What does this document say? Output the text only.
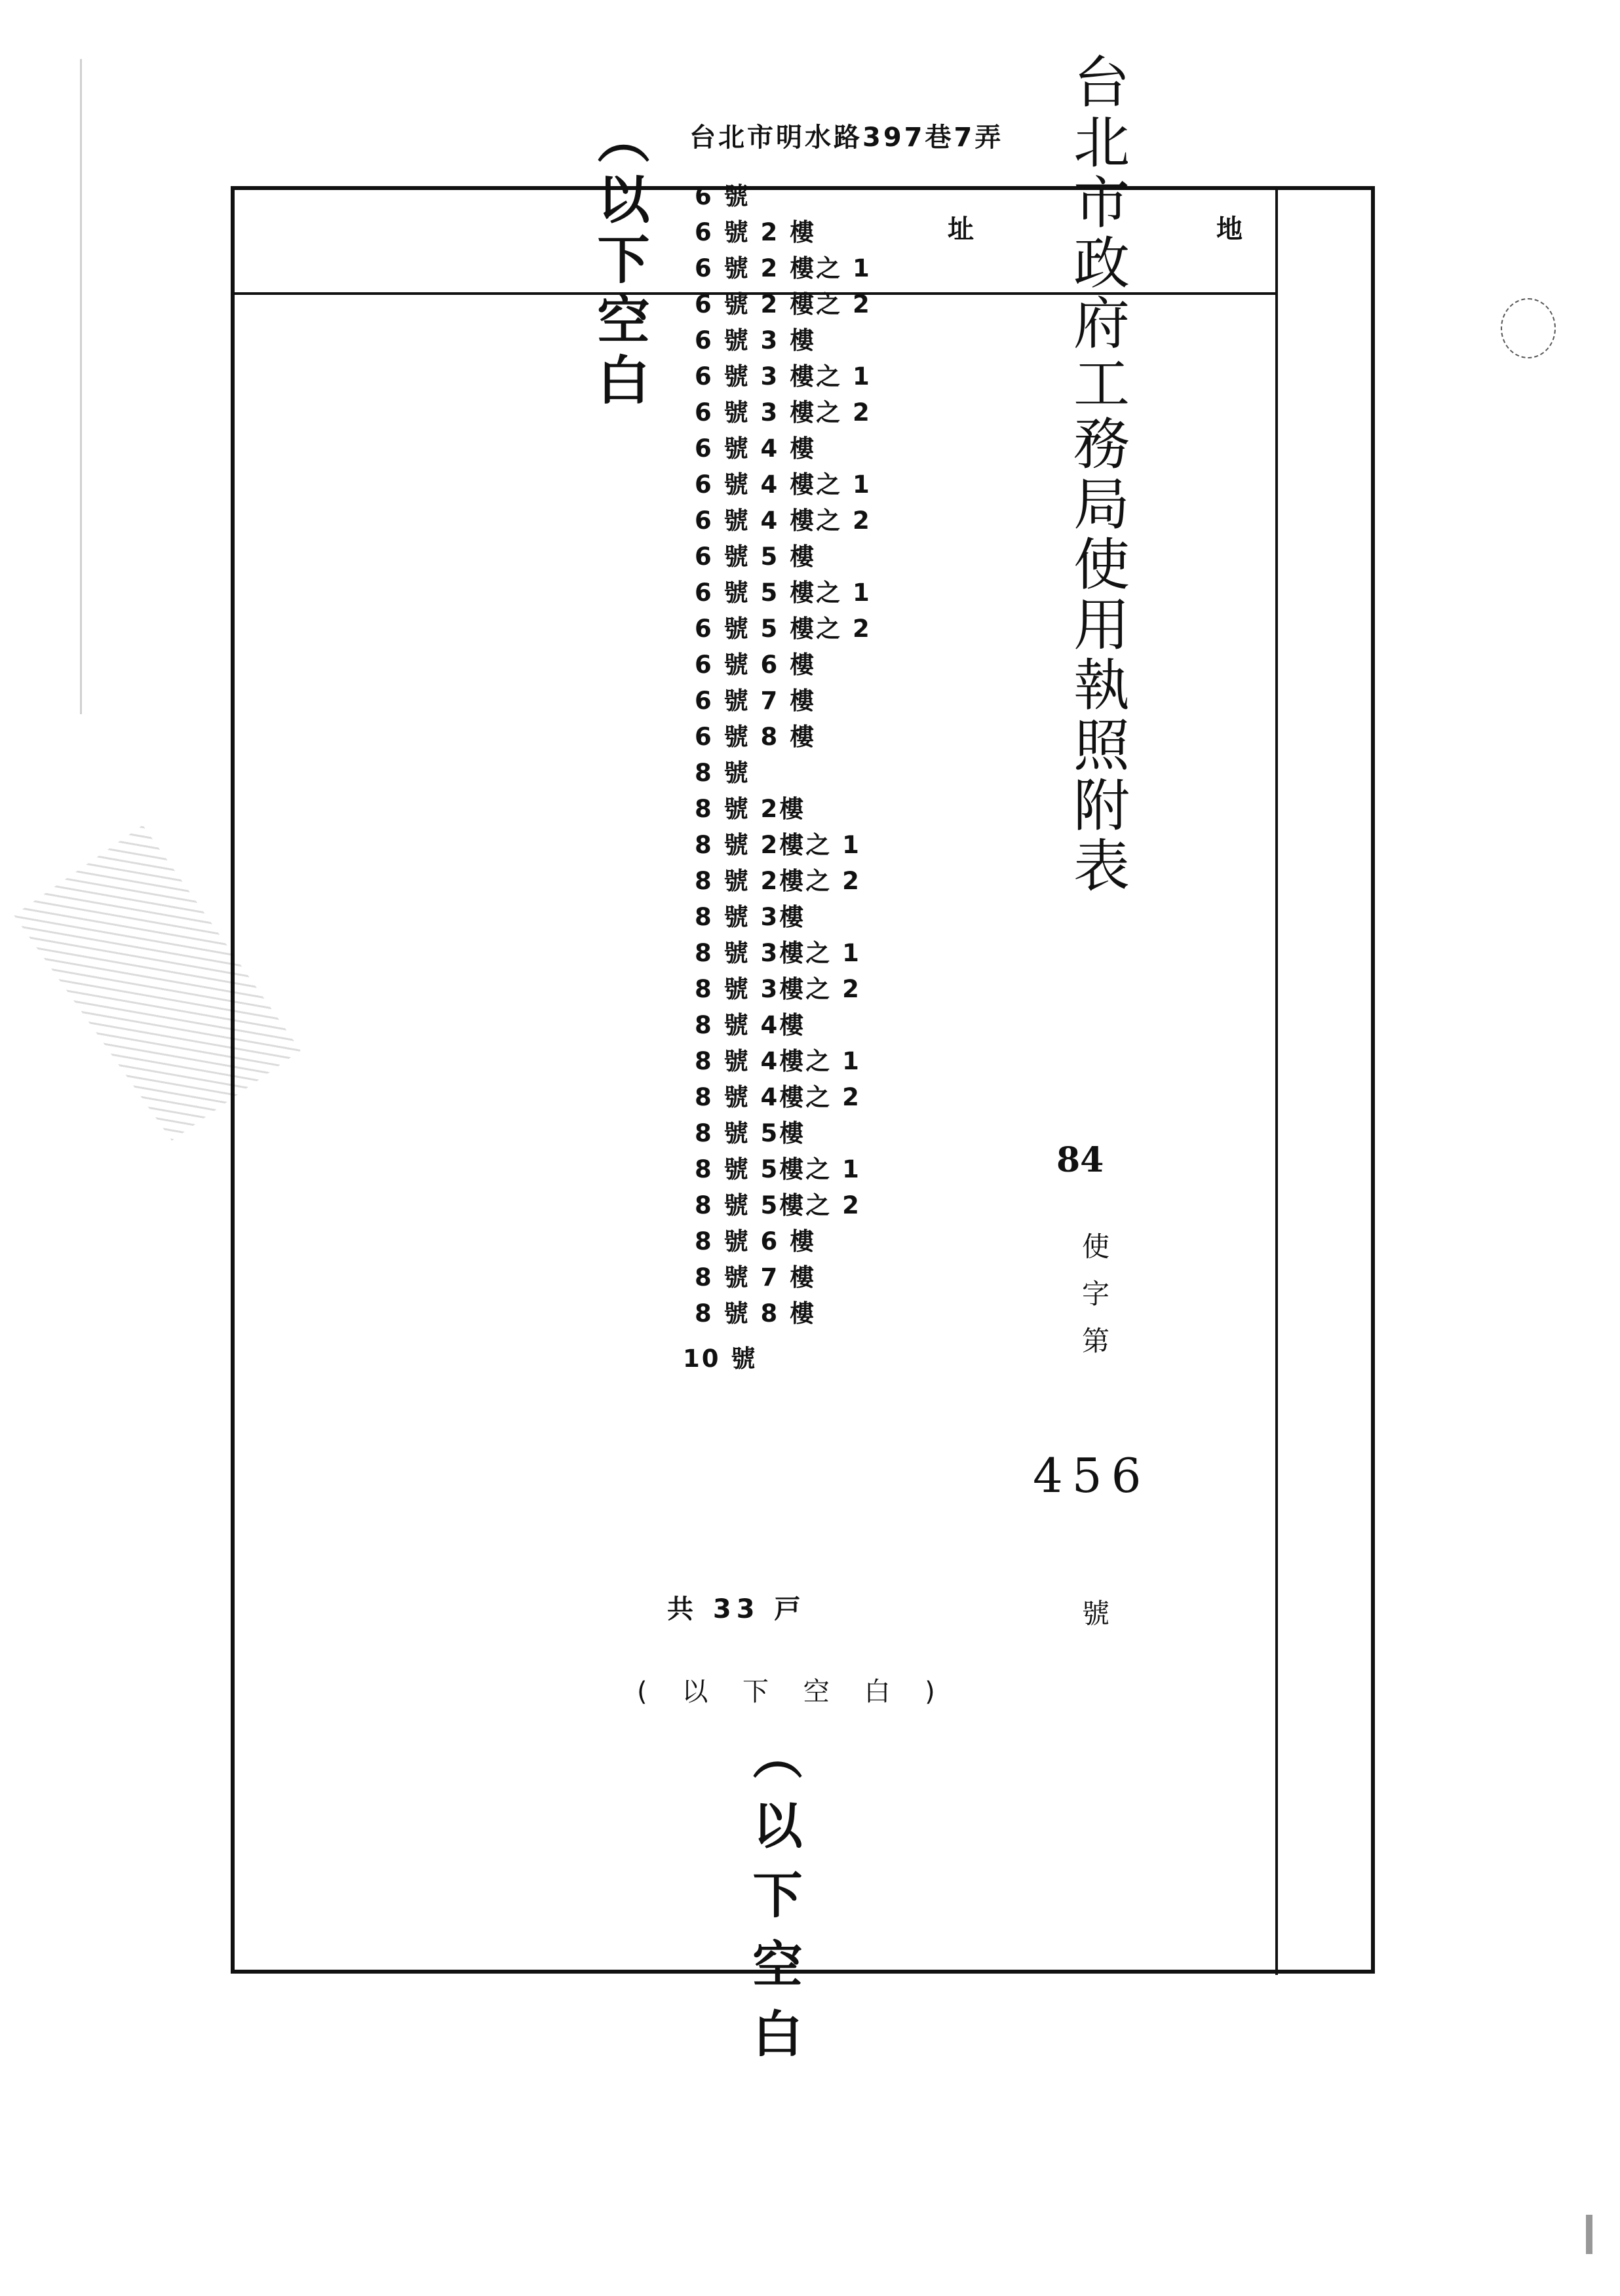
址	地
台北市政府工務局使用執照附表
84
使字第
456
號
台北市明水路397巷7弄
6 號
6 號 2 樓
6 號 2 樓之 1
6 號 2 樓之 2
6 號 3 樓
6 號 3 樓之 1
6 號 3 樓之 2
6 號 4 樓
6 號 4 樓之 1
6 號 4 樓之 2
6 號 5 樓
6 號 5 樓之 1
6 號 5 樓之 2
6 號 6 樓
6 號 7 樓
6 號 8 樓
8 號
8 號 2樓
8 號 2樓之 1
8 號 2樓之 2
8 號 3樓
8 號 3樓之 1
8 號 3樓之 2
8 號 4樓
8 號 4樓之 1
8 號 4樓之 2
8 號 5樓
8 號 5樓之 1
8 號 5樓之 2
8 號 6 樓
8 號 7 樓
8 號 8 樓
10 號
共 33 戸
( 以 下 空 白 )
︵以下空白
︵以下空白
